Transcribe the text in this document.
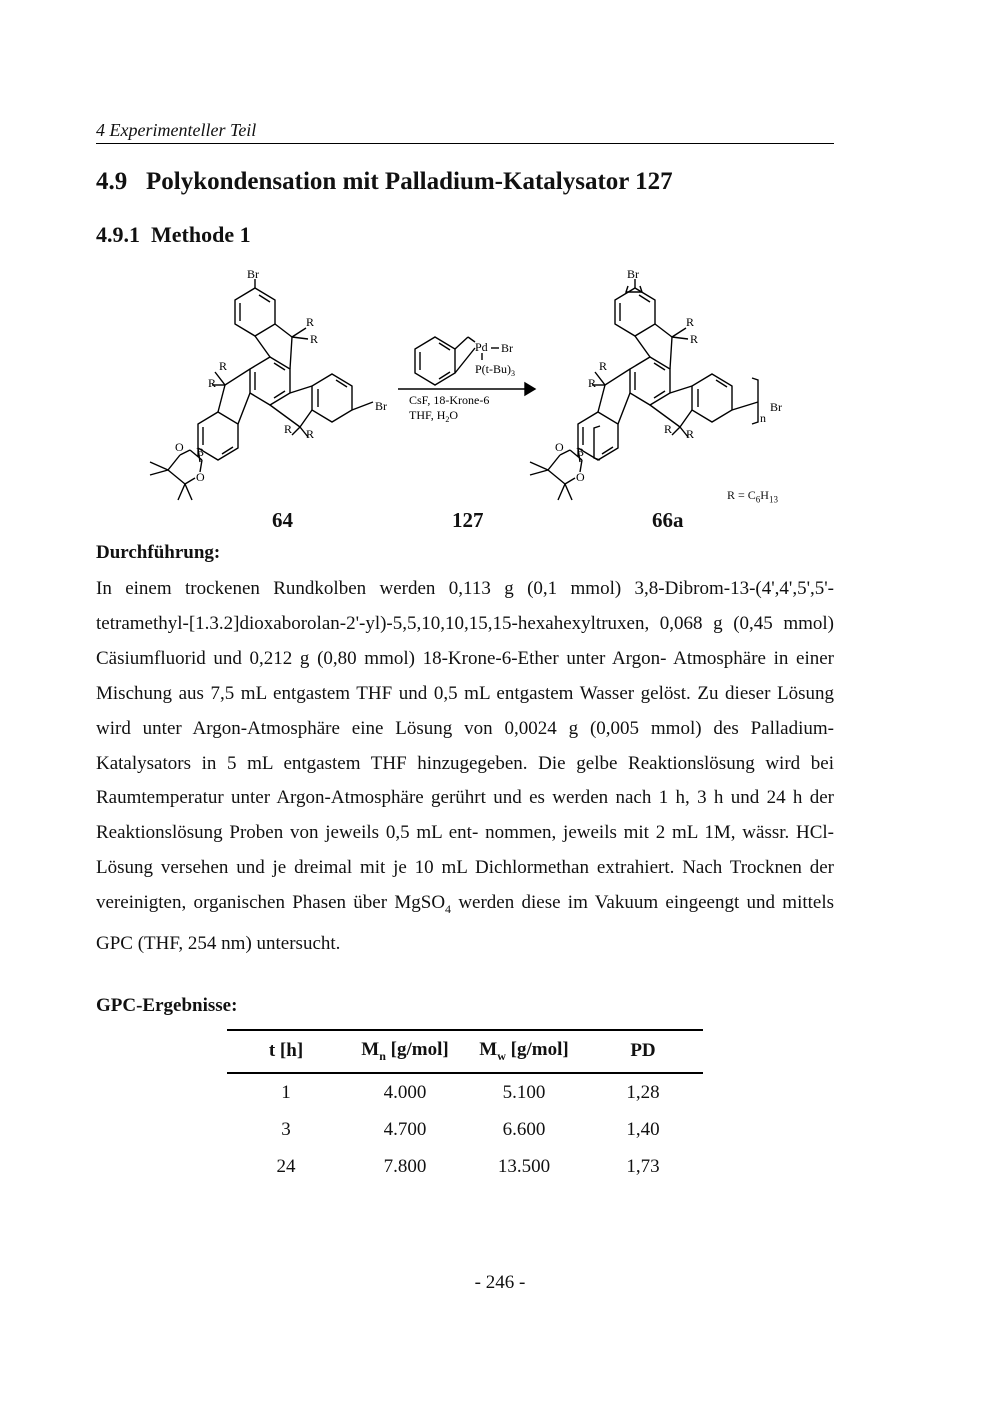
4 Experimenteller Teil
4.9 Polykondensation mit Palladium-Katalysator 127
4.9.1 Methode 1
Br
Br
R
R
R
R
R R
B
O
O
Pd Br
$P(t-Bu)_3$
CsF, 18-Krone-6
THF, $H_2O$
Br
Br
n
R
R
R
R
R R
B
O
O
64	127	66a
$R = C_6H_{13}$
Durchführung:
In einem trockenen Rundkolben werden 0,113 g (0,1 mmol) 3,8-Dibrom-13-(4',4',5',5'- tetramethyl-[1.3.2]dioxaborolan-2'-yl)-5,5,10,10,15,15-hexahexyltruxen, 0,068 g (0,45 mmol) Cäsiumfluorid und 0,212 g (0,80 mmol) 18-Krone-6-Ether unter Argon- Atmosphäre in einer Mischung aus 7,5 mL entgastem THF und 0,5 mL entgastem Wasser gelöst. Zu dieser Lösung wird unter Argon-Atmosphäre eine Lösung von 0,0024 g (0,005 mmol) des Palladium-Katalysators in 5 mL entgastem THF hinzugegeben. Die gelbe Reaktionslösung wird bei Raumtemperatur unter Argon-Atmosphäre gerührt und es werden nach 1 h, 3 h und 24 h der Reaktionslösung Proben von jeweils 0,5 mL ent- nommen, jeweils mit 2 mL 1M, wässr. HCl-Lösung versehen und je dreimal mit je 10 mL Dichlormethan extrahiert. Nach Trocknen der vereinigten, organischen Phasen über MgSO$_4$ werden diese im Vakuum eingeengt und mittels GPC (THF, 254 nm) untersucht.
GPC-Ergebnisse:
t [h]	$M_n$ [g/mol]	$M_w$ [g/mol]	PD
1	4.000	5.100	1,28
3	4.700	6.600	1,40
24	7.800	13.500	1,73
- 246 -
